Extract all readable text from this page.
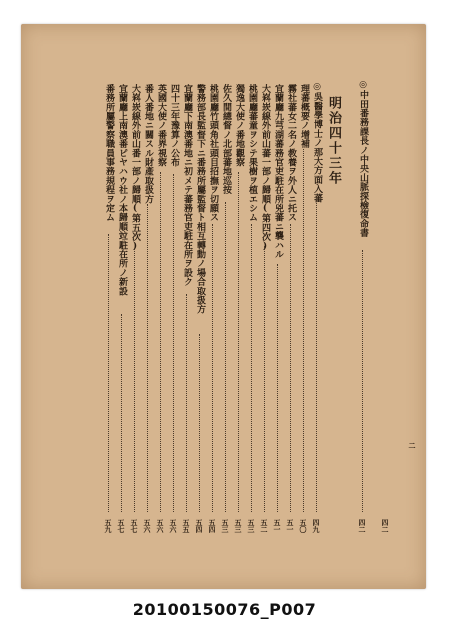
二
四二
明治四十三年 ◎中田番務課長ノ中央山脈探檢復命書
四二
◎吳醫學博士ノ那大方面入蕃
四九
理蕃概要ノ增補
五〇
霧社蕃女二名ノ教養ヲ外人ニ托ス
五一
宜蘭廳九芎湖蕃務官吏駐在所兇蕃ニ襲ハル
五一
大嵙崁線外前山蕃一部ノ歸順(第四次)
五二
桃園廳蕃童ヲシテ果樹ヲ植エシム
五三
獨逸大使ノ番地觀察
五三
佐久間總督ノ北部蕃地巡按
五三
桃園廳竹頭角社頭目招撫ヲ切願ス
五四
警務部長監督下ニ番務所屬監督ト相互轉動ノ場合取扱方
五四
宜蘭廳下南澳番地ニ初メテ蕃務官吏駐在所ヲ設ク
五五
四十三年豫算ノ公布
五六
英國大使ノ番界視察
五六
番人番地ニ關スル財產取扱方
五六
大嵙崁線外前山番一部ノ歸順(第五次)
五七
宜蘭廳上南澳番ピヤハウ社ノ本歸順竝駐在所ノ新設
五七
番務所屬警察職員事務規程ヲ定ム
五九
20100150076_P007
